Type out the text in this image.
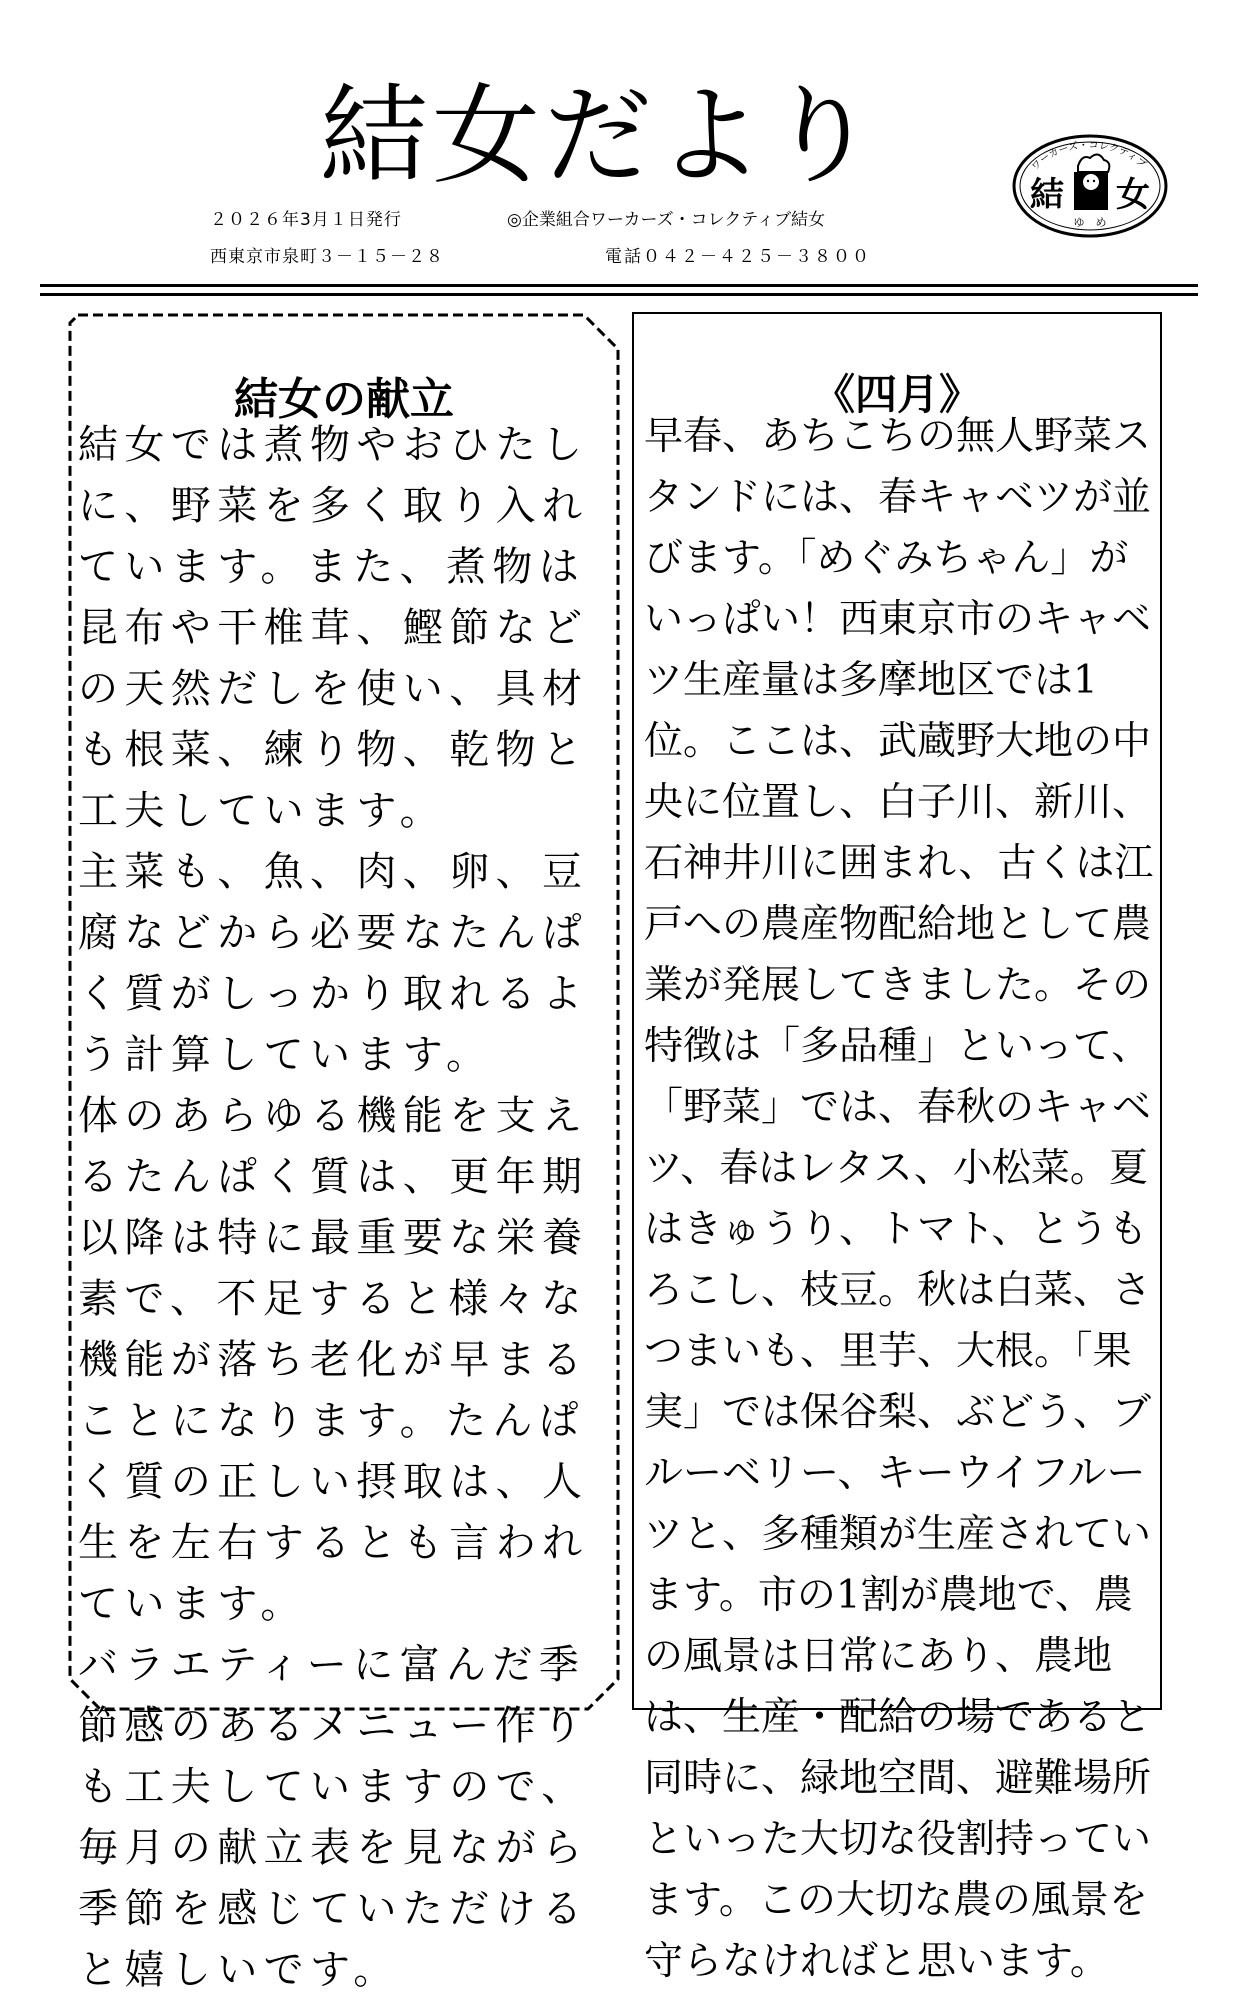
結女だより
２０２６年3月１日発行	◎企業組合ワーカーズ・コレクティブ結女
西東京市泉町３－１５－２８	電話０４２－４２５－３８００
ワーカーズ・コレクティブ
結 女
ゆ　め
結女の献立

結女では煮物やおひたしに、野菜を多く取り入れています。また、煮物は昆布や干椎茸、鰹節などの天然だしを使い、具材も根菜、練り物、乾物と工夫しています。

主菜も、魚、肉、卵、豆腐などから必要なたんぱく質がしっかり取れるよう計算しています。

体のあらゆる機能を支えるたんぱく質は、更年期以降は特に最重要な栄養素で、不足すると様々な機能が落ち老化が早まることになります。たんぱく質の正しい摂取は、人生を左右するとも言われています。

バラエティーに富んだ季節感のあるメニュー作りも工夫していますので、毎月の献立表を見ながら季節を感じていただけると嬉しいです。

《四月》

早春、あちこちの無人野菜スタンドには、春キャベツが並びます。「めぐみちゃん」がいっぱい！西東京市のキャベツ生産量は多摩地区では1位。ここは、武蔵野大地の中央に位置し、白子川、新川、石神井川に囲まれ、古くは江戸への農産物配給地として農業が発展してきました。その特徴は「多品種」といって、「野菜」では、春秋のキャベツ、春はレタス、小松菜。夏はきゅうり、トマト、とうもろこし、枝豆。秋は白菜、さつまいも、里芋、大根。「果実」では保谷梨、ぶどう、ブルーベリー、キーウイフルーツと、多種類が生産されています。市の1割が農地で、農の風景は日常にあり、農地は、生産・配給の場であると同時に、緑地空間、避難場所といった大切な役割持っています。この大切な農の風景を守らなければと思います。
